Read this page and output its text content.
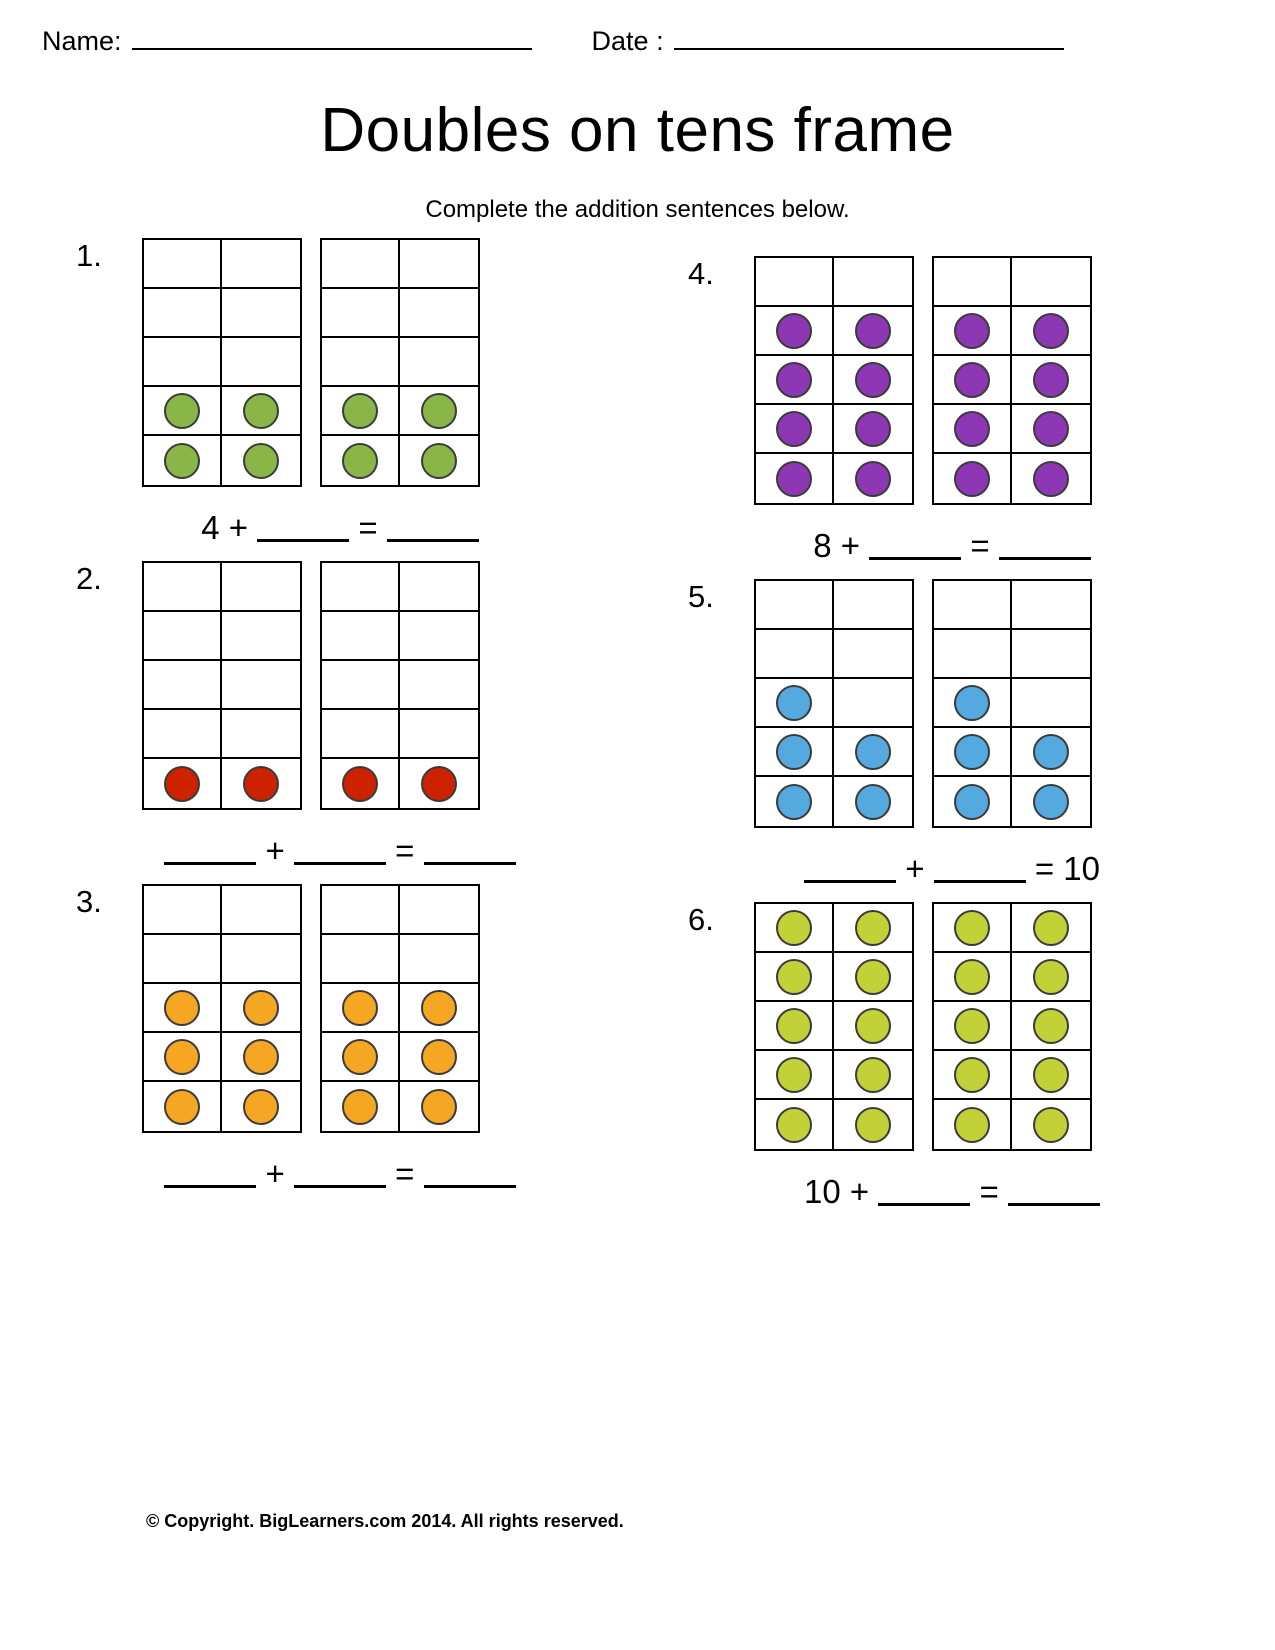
Name:	Date :
Doubles on tens frame

Complete the addition sentences below.

1.
4 +	=
2.
+	=
3.
+	=
4.
8 +	=
5.
+	= 10
6.
10 +	=
© Copyright. BigLearners.com 2014. All rights reserved.
